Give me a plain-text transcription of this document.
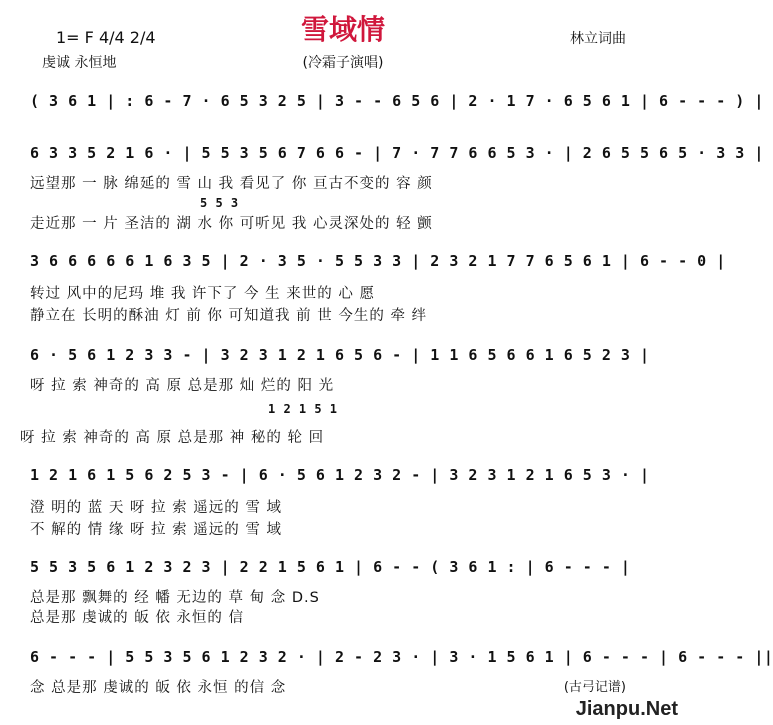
雪域情
(冷霜子演唱)
1= F 4/4 2/4
虔诚 永恒地
林立词曲
( 3 6 1 | : 6 - 7 · 6 5 3 2 5 | 3 - - 6 5 6 | 2 · 1 7 · 6 5 6 1 | 6 - - - ) |
6 3 3 5 2 1 6 · | 5 5 3 5 6 7 6 6 - | 7 · 7 7 6 6 5 3 · | 2 6 5 5 6 5 · 3 3 |
5 5 3
远望那 一 脉 绵延的 雪 山 我 看见了 你 亘古不变的 容 颜
走近那 一 片 圣洁的 湖 水 你 可听见 我 心灵深处的 轻 颤
3 6 6 6 6 6 1 6 3 5 | 2 · 3 5 · 5 5 3 3 | 2 3 2 1 7 7 6 5 6 1 | 6 - - 0 |
转过 风中的尼玛 堆 我 许下了 今 生 来世的 心 愿
静立在 长明的酥油 灯 前 你 可知道我 前 世 今生的 牵 绊
6 · 5 6 1 2 3 3 - | 3 2 3 1 2 1 6 5 6 - | 1 1 6 5 6 6 1 6 5 2 3 |
呀 拉 索 神奇的 高 原 总是那 灿 烂的 阳 光
1 2 1 5 1
呀 拉 索 神奇的 高 原 总是那 神 秘的 轮 回
1 2 1 6 1 5 6 2 5 3 - | 6 · 5 6 1 2 3 2 - | 3 2 3 1 2 1 6 5 3 · |
澄 明的 蓝 天 呀 拉 索 遥远的 雪 域
不 解的 情 缘 呀 拉 索 遥远的 雪 域
5 5 3 5 6 1 2 3 2 3 | 2 2 1 5 6 1 | 6 - - ( 3 6 1 : | 6 - - - |
总是那 飘舞的 经 幡 无边的 草 甸 念 D.S
总是那 虔诚的 皈 依 永恒的 信
6 - - - | 5 5 3 5 6 1 2 3 2 · | 2 - 2 3 · | 3 · 1 5 6 1 | 6 - - - | 6 - - - ||
念 总是那 虔诚的 皈 依 永恒 的信 念	(古弓记谱)
Jianpu.Net
